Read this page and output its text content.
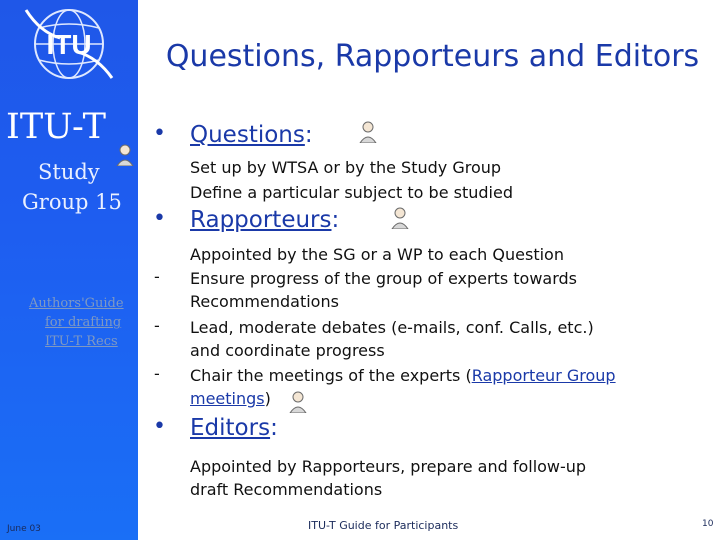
ITU
ITU-T
Study
Group 15
Authors'Guide
for drafting
ITU-T Recs
June 03
Questions, Rapporteurs and Editors
• Questions:
Set up by WTSA or by the Study Group
Define a particular subject to be studied
• Rapporteurs:
Appointed by the SG or a WP to each Question
- Ensure progress of the group of experts towards
Recommendations
- Lead, moderate debates (e-mails, conf. Calls, etc.)
and coordinate progress
- Chair the meetings of the experts (Rapporteur Group
meetings)
• Editors:
Appointed by Rapporteurs, prepare and follow-up
draft Recommendations
ITU-T Guide for Participants	10
